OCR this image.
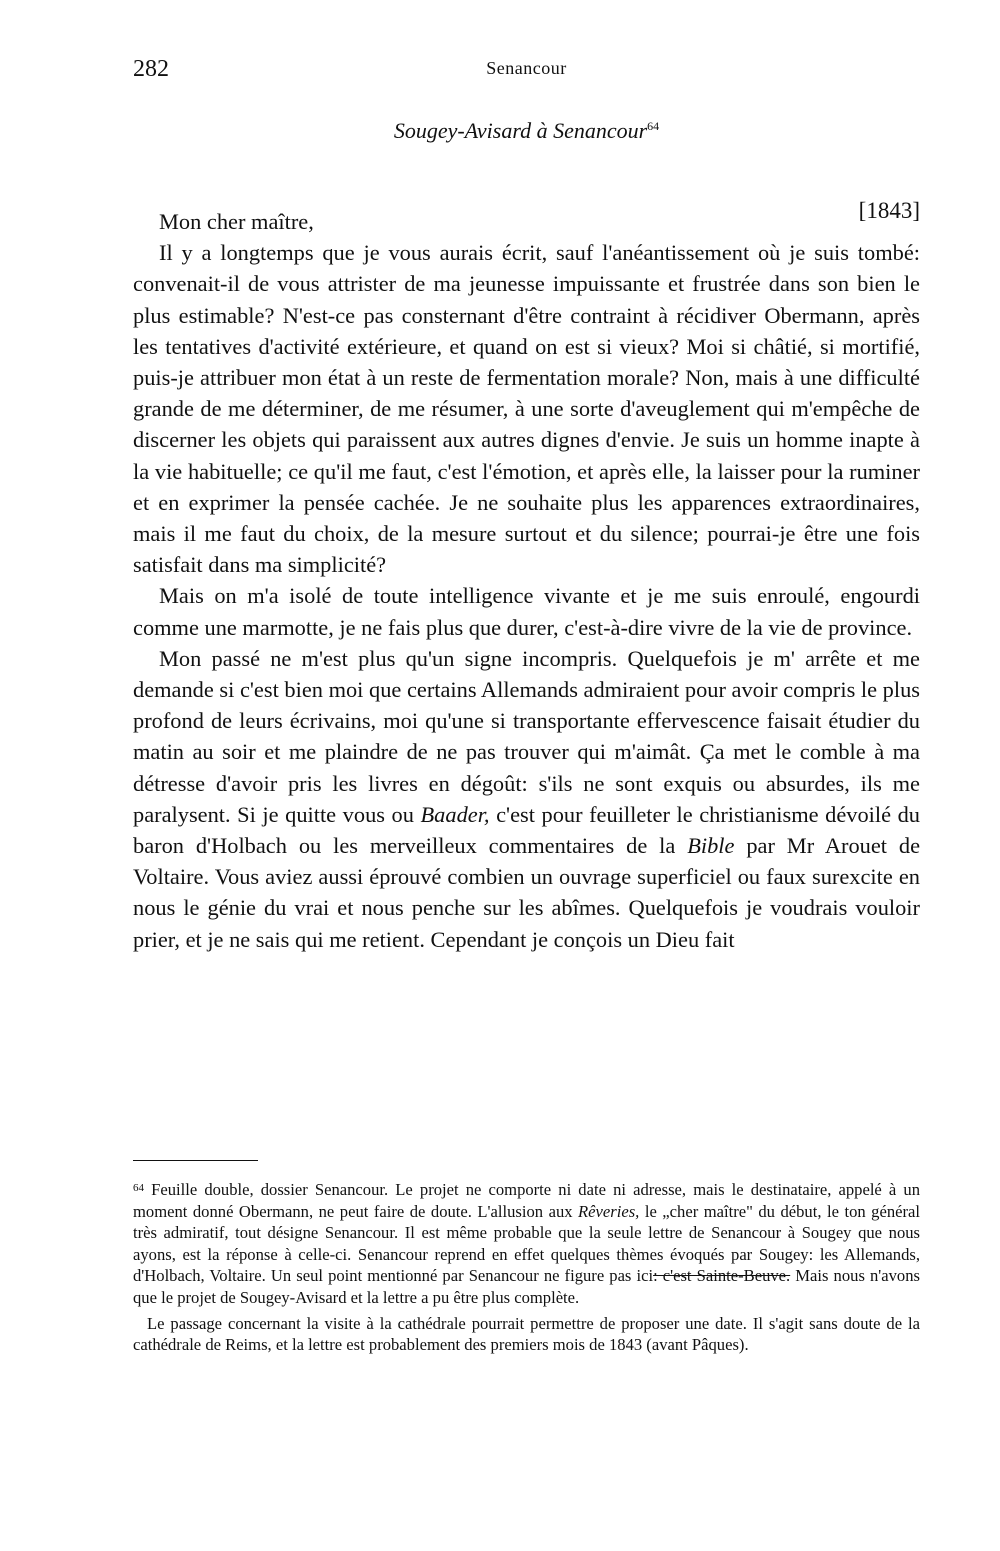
282	Senancour
Sougey-Avisard à Senancour$^{64}$
[1843]

Mon cher maître,

Il y a longtemps que je vous aurais écrit, sauf l'anéantissement où je suis tombé: convenait-il de vous attrister de ma jeunesse impuissante et frustrée dans son bien le plus estimable? N'est-ce pas consternant d'être contraint à récidiver Obermann, après les tentatives d'activité extérieure, et quand on est si vieux? Moi si châtié, si mortifié, puis-je attribuer mon état à un reste de fermentation morale? Non, mais à une difficulté grande de me déterminer, de me résumer, à une sorte d'aveuglement qui m'empêche de discerner les objets qui paraissent aux autres dignes d'envie. Je suis un homme inapte à la vie habituelle; ce qu'il me faut, c'est l'émotion, et après elle, la laisser pour la ruminer et en exprimer la pensée cachée. Je ne souhaite plus les apparences extraordinaires, mais il me faut du choix, de la mesure surtout et du silence; pourrai-je être une fois satisfait dans ma simplicité?

Mais on m'a isolé de toute intelligence vivante et je me suis enroulé, engourdi comme une marmotte, je ne fais plus que durer, c'est-à-dire vivre de la vie de province.

Mon passé ne m'est plus qu'un signe incompris. Quelquefois je m' arrête et me demande si c'est bien moi que certains Allemands admiraient pour avoir compris le plus profond de leurs écrivains, moi qu'une si transportante effervescence faisait étudier du matin au soir et me plaindre de ne pas trouver qui m'aimât. Ça met le comble à ma détresse d'avoir pris les livres en dégoût: s'ils ne sont exquis ou absurdes, ils me paralysent. Si je quitte vous ou Baader, c'est pour feuilleter le christianisme dévoilé du baron d'Holbach ou les merveilleux commentaires de la Bible par Mr Arouet de Voltaire. Vous aviez aussi éprouvé combien un ouvrage superficiel ou faux surexcite en nous le génie du vrai et nous penche sur les abîmes. Quelquefois je voudrais vouloir prier, et je ne sais qui me retient. Cependant je conçois un Dieu fait

$^{64}$ Feuille double, dossier Senancour. Le projet ne comporte ni date ni adresse, mais le destinataire, appelé à un moment donné Obermann, ne peut faire de doute. L'allusion aux Rêveries, le „cher maître" du début, le ton général très admiratif, tout désigne Senancour. Il est même probable que la seule lettre de Senancour à Sougey que nous ayons, est la réponse à celle-ci. Senancour reprend en effet quelques thèmes évoqués par Sougey: les Allemands, d'Holbach, Voltaire. Un seul point mentionné par Senancour ne figure pas ici: c'est Sainte-Beuve. Mais nous n'avons que le projet de Sougey-Avisard et la lettre a pu être plus complète.

Le passage concernant la visite à la cathédrale pourrait permettre de proposer une date. Il s'agit sans doute de la cathédrale de Reims, et la lettre est probablement des premiers mois de 1843 (avant Pâques).
